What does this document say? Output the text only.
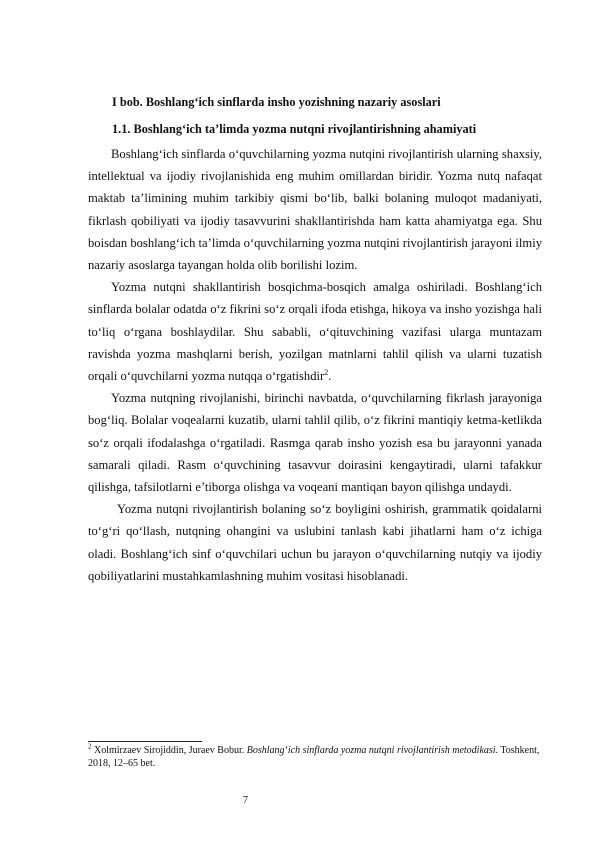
I bob. Boshlang‘ich sinflarda insho yozishning nazariy asoslari
1.1. Boshlang‘ich ta’limda yozma nutqni rivojlantirishning ahamiyati

Boshlang‘ich sinflarda o‘quvchilarning yozma nutqini rivojlantirish ularning shaxsiy, intellektual va ijodiy rivojlanishida eng muhim omillardan biridir. Yozma nutq nafaqat maktab ta’limining muhim tarkibiy qismi bo‘lib, balki bolaning muloqot madaniyati, fikrlash qobiliyati va ijodiy tasavvurini shakllantirishda ham katta ahamiyatga ega. Shu boisdan boshlang‘ich ta’limda o‘quvchilarning yozma nutqini rivojlantirish jarayoni ilmiy nazariy asoslarga tayangan holda olib borilishi lozim.

Yozma nutqni shakllantirish bosqichma-bosqich amalga oshiriladi. Boshlang‘ich sinflarda bolalar odatda o‘z fikrini so‘z orqali ifoda etishga, hikoya va insho yozishga hali to‘liq o‘rgana boshlaydilar. Shu sababli, o‘qituvchining vazifasi ularga muntazam ravishda yozma mashqlarni berish, yozilgan matnlarni tahlil qilish va ularni tuzatish orqali o‘quvchilarni yozma nutqqa o‘rgatishdir$^2$.

Yozma nutqning rivojlanishi, birinchi navbatda, o‘quvchilarning fikrlash jarayoniga bog‘liq. Bolalar voqealarni kuzatib, ularni tahlil qilib, o‘z fikrini mantiqiy ketma-ketlikda so‘z orqali ifodalashga o‘rgatiladi. Rasmga qarab insho yozish esa bu jarayonni yanada samarali qiladi. Rasm o‘quvchining tasavvur doirasini kengaytiradi, ularni tafakkur qilishga, tafsilotlarni e’tiborga olishga va voqeani mantiqan bayon qilishga undaydi.

Yozma nutqni rivojlantirish bolaning so‘z boyligini oshirish, grammatik qoidalarni to‘g‘ri qo‘llash, nutqning ohangini va uslubini tanlash kabi jihatlarni ham o‘z ichiga oladi. Boshlang‘ich sinf o‘quvchilari uchun bu jarayon o‘quvchilarning nutqiy va ijodiy qobiliyatlarini mustahkamlashning muhim vositasi hisoblanadi.

$^2$ Xolmirzaev Sirojiddin, Juraev Bobur. Boshlang‘ich sinflarda yozma nutqni rivojlantirish metodikasi. Toshkent, 2018, 12–65 bet.
7
